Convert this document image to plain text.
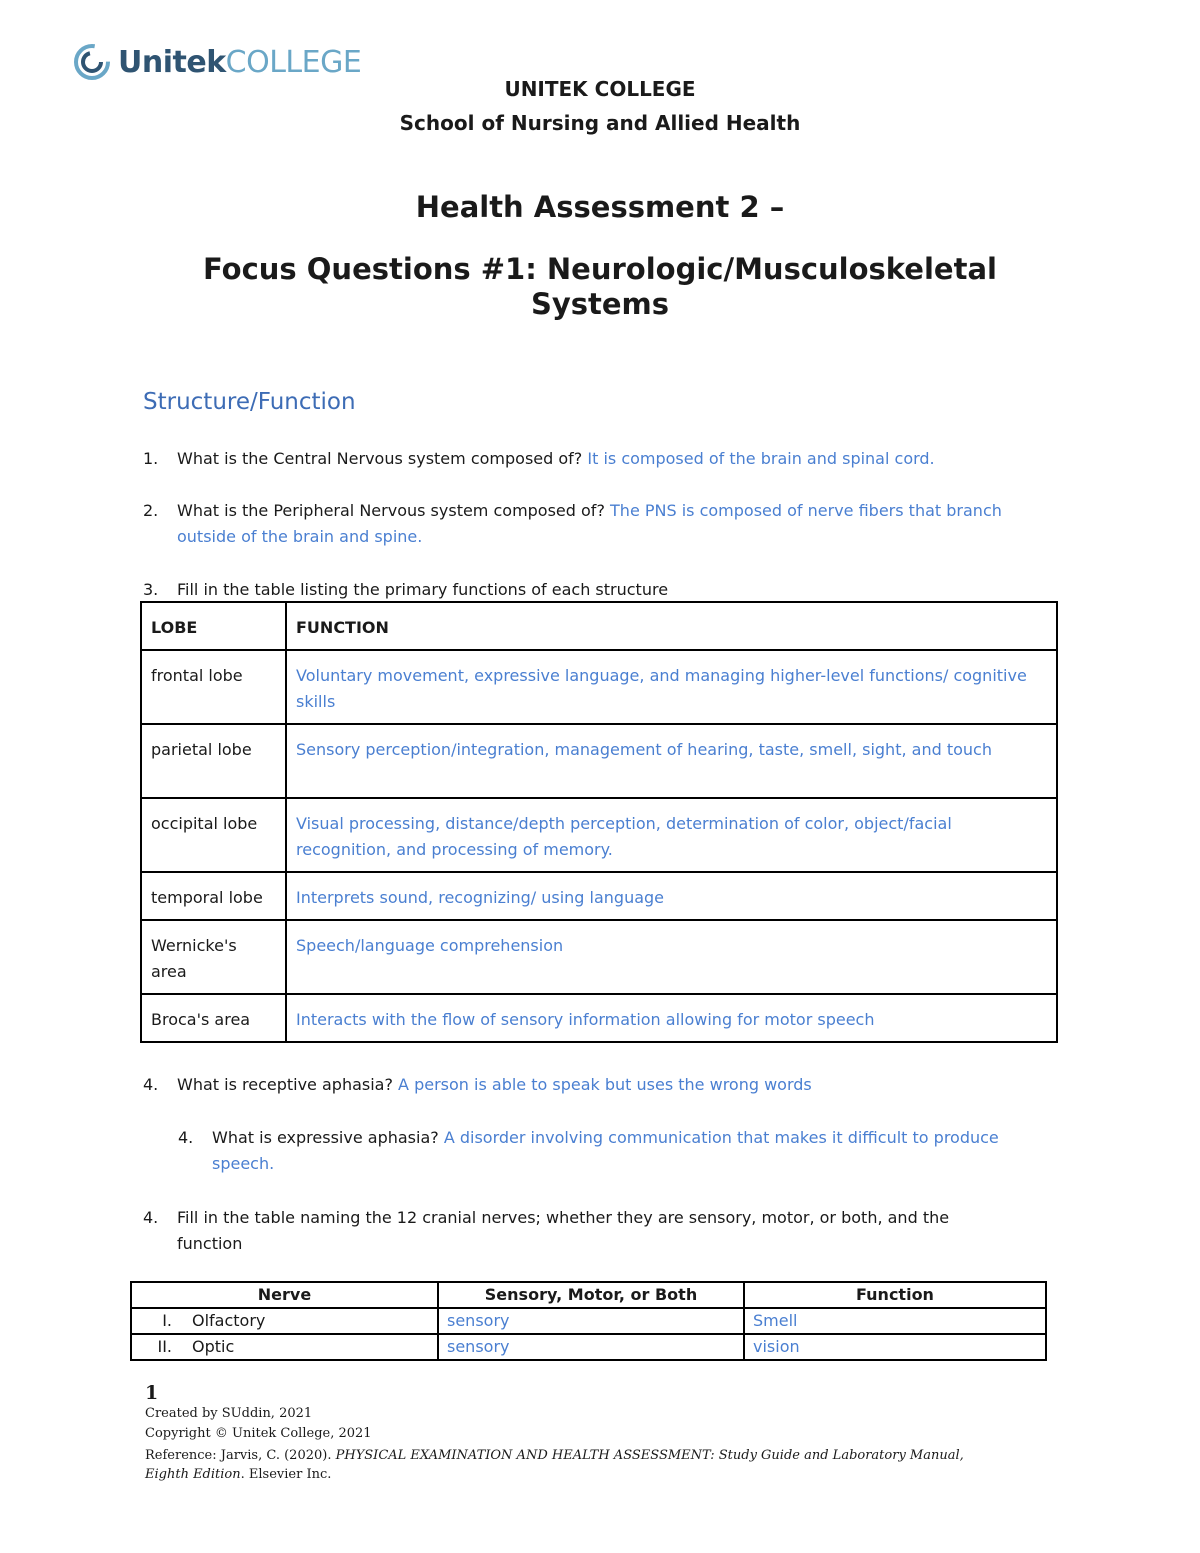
UnitekCOLLEGE
UNITEK COLLEGE
School of Nursing and Allied Health
Health Assessment 2 –
Focus Questions #1: Neurologic/Musculoskeletal
Systems
Structure/Function
1. What is the Central Nervous system composed of? It is composed of the brain and spinal cord.
2. What is the Peripheral Nervous system composed of? The PNS is composed of nerve fibers that branch outside of the brain and spine.
3. Fill in the table listing the primary functions of each structure
LOBE	FUNCTION
frontal lobe	Voluntary movement, expressive language, and managing higher-level functions/ cognitive skills
parietal lobe	Sensory perception/integration, management of hearing, taste, smell, sight, and touch
occipital lobe	Visual processing, distance/depth perception, determination of color, object/facial recognition, and processing of memory.
temporal lobe	Interprets sound, recognizing/ using language
Wernicke's area	Speech/language comprehension
Broca's area	Interacts with the flow of sensory information allowing for motor speech
4. What is receptive aphasia? A person is able to speak but uses the wrong words
4. What is expressive aphasia? A disorder involving communication that makes it difficult to produce speech.
4. Fill in the table naming the 12 cranial nerves; whether they are sensory, motor, or both, and the function
Nerve	Sensory, Motor, or Both	Function
I. Olfactory	sensory	Smell
II. Optic	sensory	vision
1
Created by SUddin, 2021
Copyright © Unitek College, 2021
Reference: Jarvis, C. (2020). PHYSICAL EXAMINATION AND HEALTH ASSESSMENT: Study Guide and Laboratory Manual,
Eighth Edition. Elsevier Inc.
